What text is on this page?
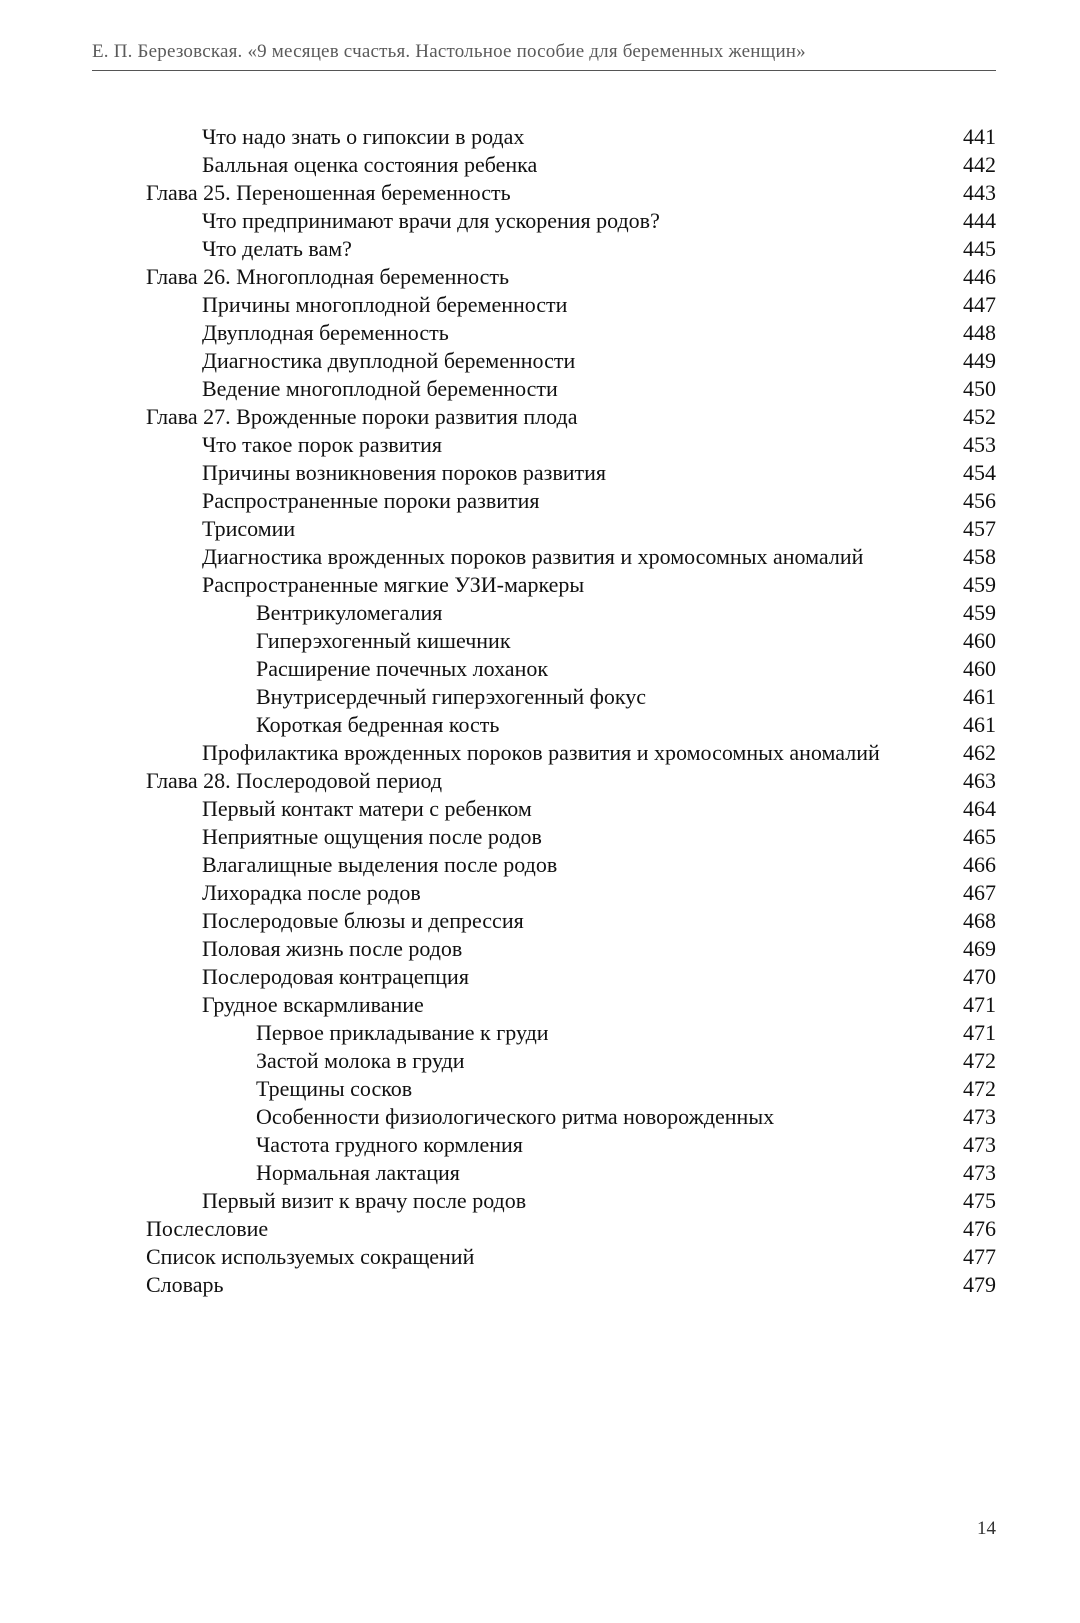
Е. П. Березовская. «9 месяцев счастья. Настольное пособие для беременных женщин»
Что надо знать о гипоксии в родах	441
Балльная оценка состояния ребенка	442
Глава 25. Переношенная беременность	443
Что предпринимают врачи для ускорения родов?	444
Что делать вам?	445
Глава 26. Многоплодная беременность	446
Причины многоплодной беременности	447
Двуплодная беременность	448
Диагностика двуплодной беременности	449
Ведение многоплодной беременности	450
Глава 27. Врожденные пороки развития плода	452
Что такое порок развития	453
Причины возникновения пороков развития	454
Распространенные пороки развития	456
Трисомии	457
Диагностика врожденных пороков развития и хромосомных аномалий	458
Распространенные мягкие УЗИ-маркеры	459
Вентрикуломегалия	459
Гиперэхогенный кишечник	460
Расширение почечных лоханок	460
Внутрисердечный гиперэхогенный фокус	461
Короткая бедренная кость	461
Профилактика врожденных пороков развития и хромосомных аномалий	462
Глава 28. Послеродовой период	463
Первый контакт матери с ребенком	464
Неприятные ощущения после родов	465
Влагалищные выделения после родов	466
Лихорадка после родов	467
Послеродовые блюзы и депрессия	468
Половая жизнь после родов	469
Послеродовая контрацепция	470
Грудное вскармливание	471
Первое прикладывание к груди	471
Застой молока в груди	472
Трещины сосков	472
Особенности физиологического ритма новорожденных	473
Частота грудного кормления	473
Нормальная лактация	473
Первый визит к врачу после родов	475
Послесловие	476
Список используемых сокращений	477
Словарь	479
14
